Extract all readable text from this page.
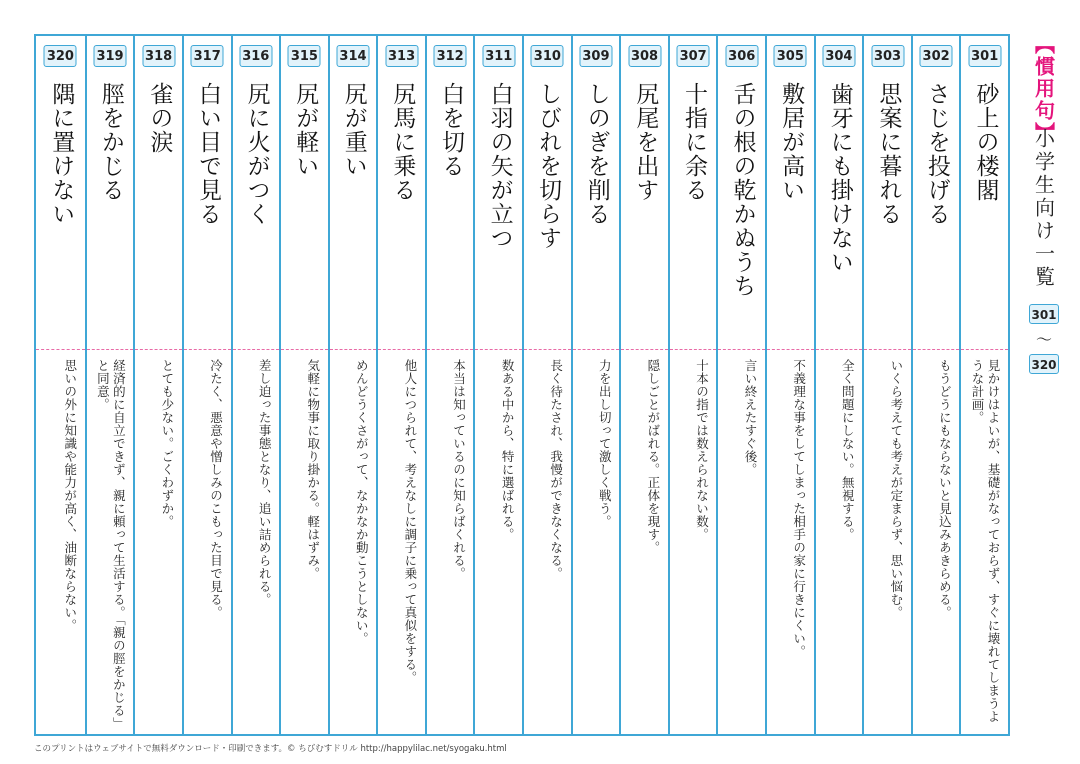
301
砂上の楼閣
見かけはよいが、基礎がなっておらず、すぐに壊れてしまうような計画。
302
さじを投げる
もうどうにもならないと見込みあきらめる。
303
思案に暮れる
いくら考えても考えが定まらず、思い悩む。
304
歯牙にも掛けない
全く問題にしない。無視する。
305
敷居が高い
不義理な事をしてしまった相手の家に行きにくい。
306
舌の根の乾かぬうち
言い終えたすぐ後。
307
十指に余る
十本の指では数えられない数。
308
尻尾を出す
隠しごとがばれる。正体を現す。
309
しのぎを削る
力を出し切って激しく戦う。
310
しびれを切らす
長く待たされ、我慢ができなくなる。
311
白羽の矢が立つ
数ある中から、特に選ばれる。
312
白を切る
本当は知っているのに知らばくれる。
313
尻馬に乗る
他人につられて、考えなしに調子に乗って真似をする。
314
尻が重い
めんどうくさがって、なかなか動こうとしない。
315
尻が軽い
気軽に物事に取り掛かる。軽はずみ。
316
尻に火がつく
差し迫った事態となり、追い詰められる。
317
白い目で見る
冷たく、悪意や憎しみのこもった目で見る。
318
雀の涙
とても少ない。ごくわずか。
319
脛をかじる
経済的に自立できず、親に頼って生活する。「親の脛をかじる」と同意。
320
隅に置けない
思いの外に知識や能力が高く、油断ならない。
【慣用句】
小学生向け一覧
301
〜
320
このプリントはウェブサイトで無料ダウンロード・印刷できます。© ちびむすドリル http://happylilac.net/syogaku.html
